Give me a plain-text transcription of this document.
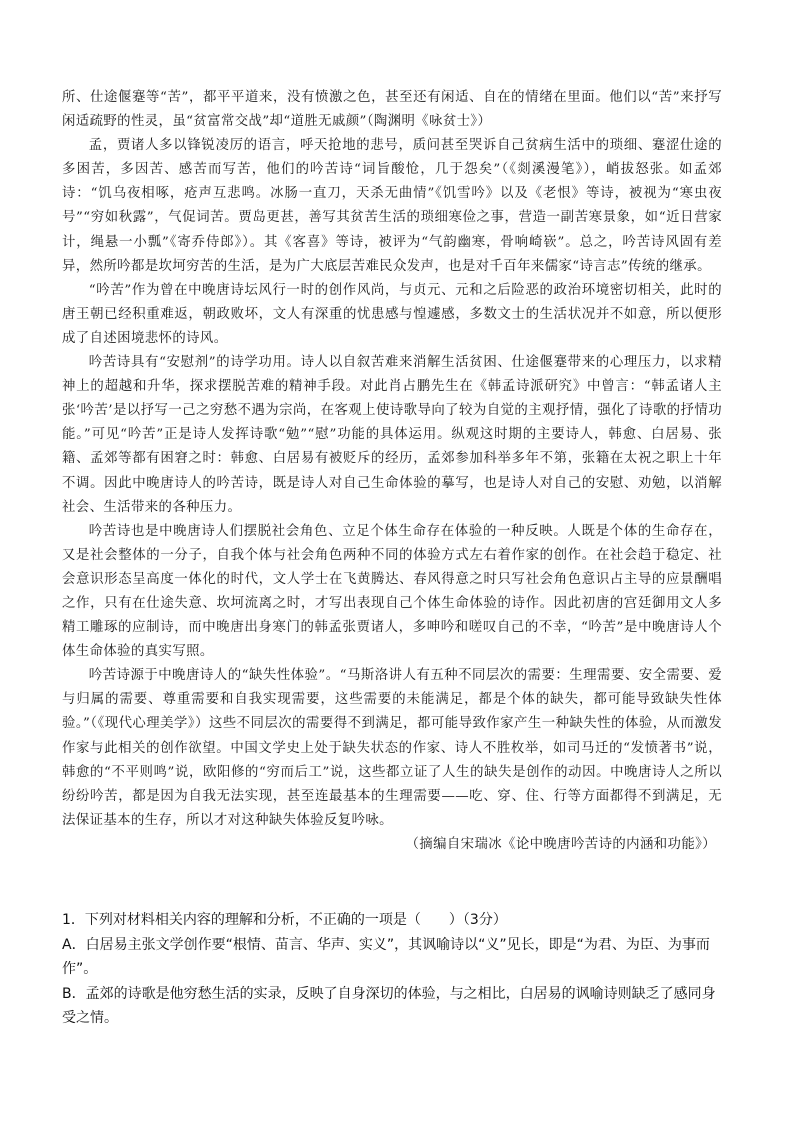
所、仕途偃蹇等“苦”，都平平道来，没有愤激之色，甚至还有闲适、自在的情绪在里面。他们以“苦”来抒写闲适疏野的性灵，虽“贫富常交战”却“道胜无戚颜”（陶渊明《咏贫士》）

孟，贾诸人多以锋锐凌厉的语言，呼天抢地的悲号，质问甚至哭诉自己贫病生活中的琐细、蹇涩仕途的多困苦，多因苦、感苦而写苦，他们的吟苦诗“词旨酸怆，几于怨矣”（《剡溪漫笔》），峭拔怒张。如孟郊诗：“饥乌夜相啄，疮声互悲鸣。冰肠一直刀，天杀无曲情”《饥雪吟》以及《老恨》等诗，被视为“寒虫夜号”“穷如秋露”，气促词苦。贾岛更甚，善写其贫苦生活的琐细寒俭之事，营造一副苦寒景象，如“近日营家计，绳悬一小瓢”《寄乔侍郎》）。其《客喜》等诗，被评为“气韵幽寒，骨响崎嵚”。总之，吟苦诗风固有差异，然所吟都是坎坷穷苦的生活，是为广大底层苦难民众发声，也是对千百年来儒家“诗言志”传统的继承。

“吟苦”作为曾在中晚唐诗坛风行一时的创作风尚，与贞元、元和之后险恶的政治环境密切相关，此时的唐王朝已经积重难返，朝政败坏，文人有深重的忧患感与惶遽感，多数文士的生活状况并不如意，所以便形成了自述困境悲怀的诗风。

吟苦诗具有“安慰剂”的诗学功用。诗人以自叙苦难来消解生活贫困、仕途偃蹇带来的心理压力，以求精神上的超越和升华，探求摆脱苦难的精神手段。对此肖占鹏先生在《韩孟诗派研究》中曾言：“韩孟诸人主张‘吟苦’是以抒写一己之穷愁不遇为宗尚，在客观上使诗歌导向了较为自觉的主观抒情，强化了诗歌的抒情功能。”可见“吟苦”正是诗人发挥诗歌“勉”“慰”功能的具体运用。纵观这时期的主要诗人，韩愈、白居易、张籍、孟郊等都有困窘之时：韩愈、白居易有被贬斥的经历，孟郊参加科举多年不第，张籍在太祝之职上十年不调。因此中晚唐诗人的吟苦诗，既是诗人对自己生命体验的摹写，也是诗人对自己的安慰、劝勉，以消解社会、生活带来的各种压力。

吟苦诗也是中晚唐诗人们摆脱社会角色、立足个体生命存在体验的一种反映。人既是个体的生命存在，又是社会整体的一分子，自我个体与社会角色两种不同的体验方式左右着作家的创作。在社会趋于稳定、社会意识形态呈高度一体化的时代，文人学士在飞黄腾达、春风得意之时只写社会角色意识占主导的应景酬唱之作，只有在仕途失意、坎坷流离之时，才写出表现自己个体生命体验的诗作。因此初唐的宫廷御用文人多精工雕琢的应制诗，而中晚唐出身寒门的韩孟张贾诸人，多呻吟和嗟叹自己的不幸，“吟苦”是中晚唐诗人个体生命体验的真实写照。

吟苦诗源于中晚唐诗人的“缺失性体验”。“马斯洛讲人有五种不同层次的需要：生理需要、安全需要、爱与归属的需要、尊重需要和自我实现需要，这些需要的未能满足，都是个体的缺失，都可能导致缺失性体验。”（《现代心理美学》）这些不同层次的需要得不到满足，都可能导致作家产生一种缺失性的体验，从而激发作家与此相关的创作欲望。中国文学史上处于缺失状态的作家、诗人不胜枚举，如司马迁的“发愤著书”说，韩愈的“不平则鸣”说，欧阳修的“穷而后工”说，这些都立证了人生的缺失是创作的动因。中晚唐诗人之所以纷纷吟苦，都是因为自我无法实现，甚至连最基本的生理需要——吃、穿、住、行等方面都得不到满足，无法保证基本的生存，所以才对这种缺失体验反复吟咏。

（摘编自宋瑞冰《论中晚唐吟苦诗的内涵和功能》）

1．下列对材料相关内容的理解和分析，不正确的一项是（　　）（3分）

A．白居易主张文学创作要“根情、苗言、华声、实义”，其讽喻诗以“义”见长，即是“为君、为臣、为事而作”。

B．孟郊的诗歌是他穷愁生活的实录，反映了自身深切的体验，与之相比，白居易的讽喻诗则缺乏了感同身受之情。
